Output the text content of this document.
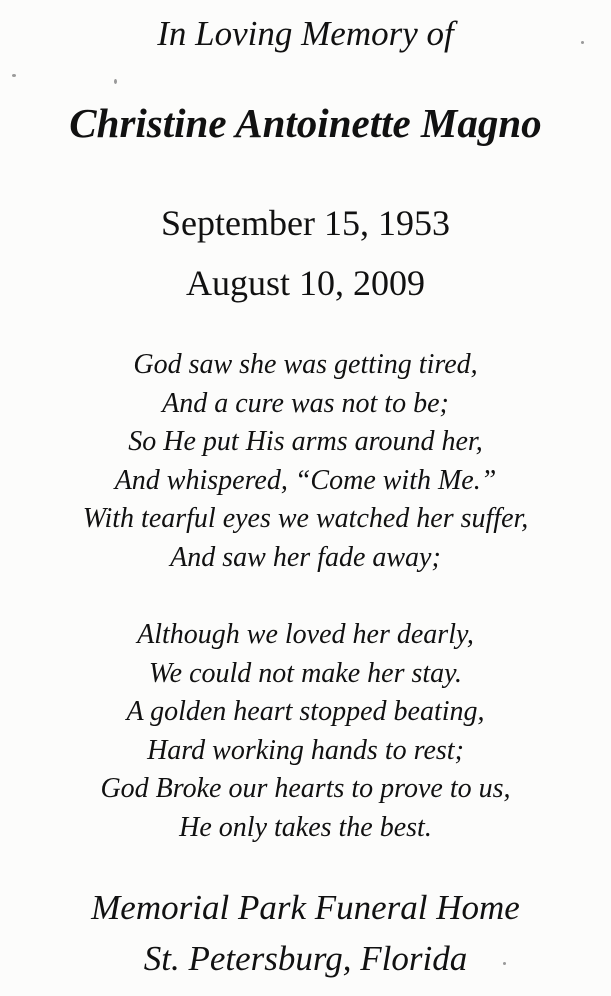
In Loving Memory of
Christine Antoinette Magno
September 15, 1953
August 10, 2009
God saw she was getting tired,
And a cure was not to be;
So He put His arms around her,
And whispered, “Come with Me.”
With tearful eyes we watched her suffer,
And saw her fade away;
Although we loved her dearly,
We could not make her stay.
A golden heart stopped beating,
Hard working hands to rest;
God Broke our hearts to prove to us,
He only takes the best.
Memorial Park Funeral Home
St. Petersburg, Florida
